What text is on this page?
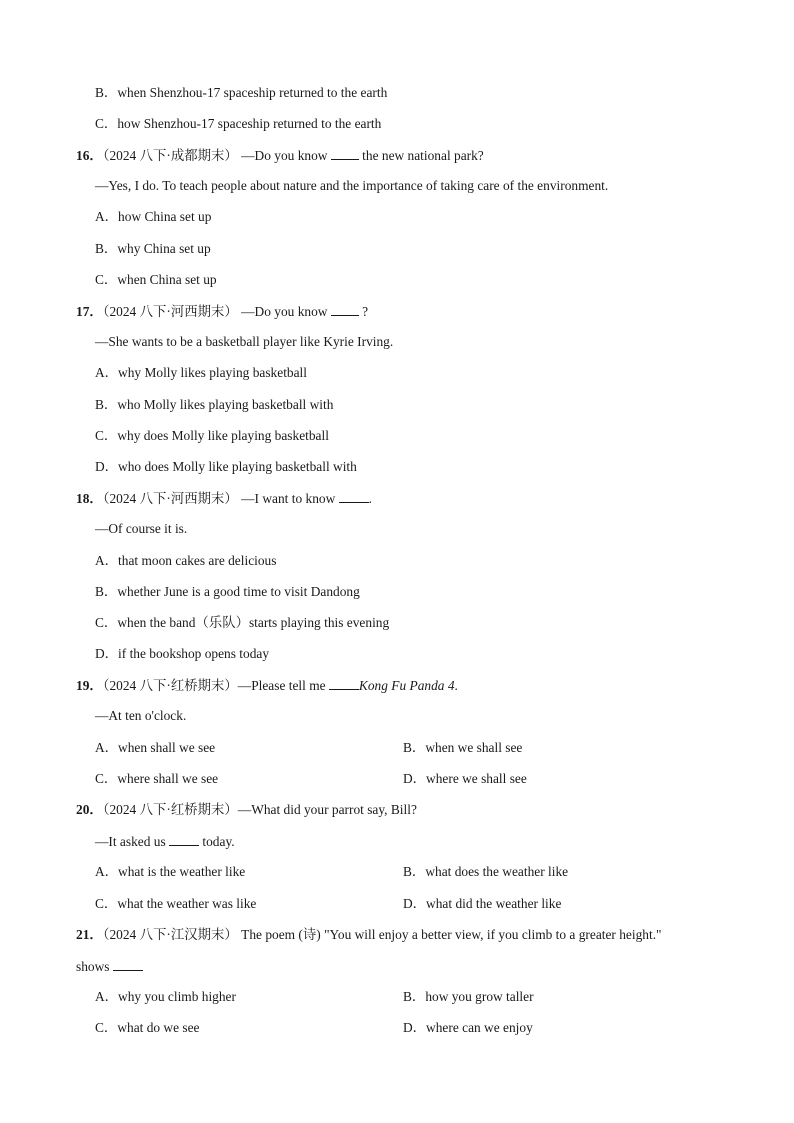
B．when Shenzhou-17 spaceship returned to the earth
C．how Shenzhou-17 spaceship returned to the earth
16．（2024 八下·成都期末） —Do you know	the new national park?
—Yes, I do. To teach people about nature and the importance of taking care of the environment.
A．how China set up
B．why China set up
C．when China set up
17．（2024 八下·河西期末） —Do you know	?
—She wants to be a basketball player like Kyrie Irving.
A．why Molly likes playing basketball
B．who Molly likes playing basketball with
C．why does Molly like playing basketball
D．who does Molly like playing basketball with
18．（2024 八下·河西期末） —I want to know .
—Of course it is.
A．that moon cakes are delicious
B．whether June is a good time to visit Dandong
C．when the band（乐队）starts playing this evening
D．if the bookshop opens today
19．（2024 八下·红桥期末）—Please tell me Kong Fu Panda 4.
—At ten o'clock.
A．when shall we see	B．when we shall see
C．where shall we see	D．where we shall see
20．（2024 八下·红桥期末）—What did your parrot say, Bill?
—It asked us	today.
A．what is the weather like	B．what does the weather like
C．what the weather was like	D．what did the weather like
21．（2024 八下·江汉期末） The poem (诗) "You will enjoy a better view, if you climb to a greater height."
shows
A．why you climb higher	B．how you grow taller
C．what do we see	D．where can we enjoy
